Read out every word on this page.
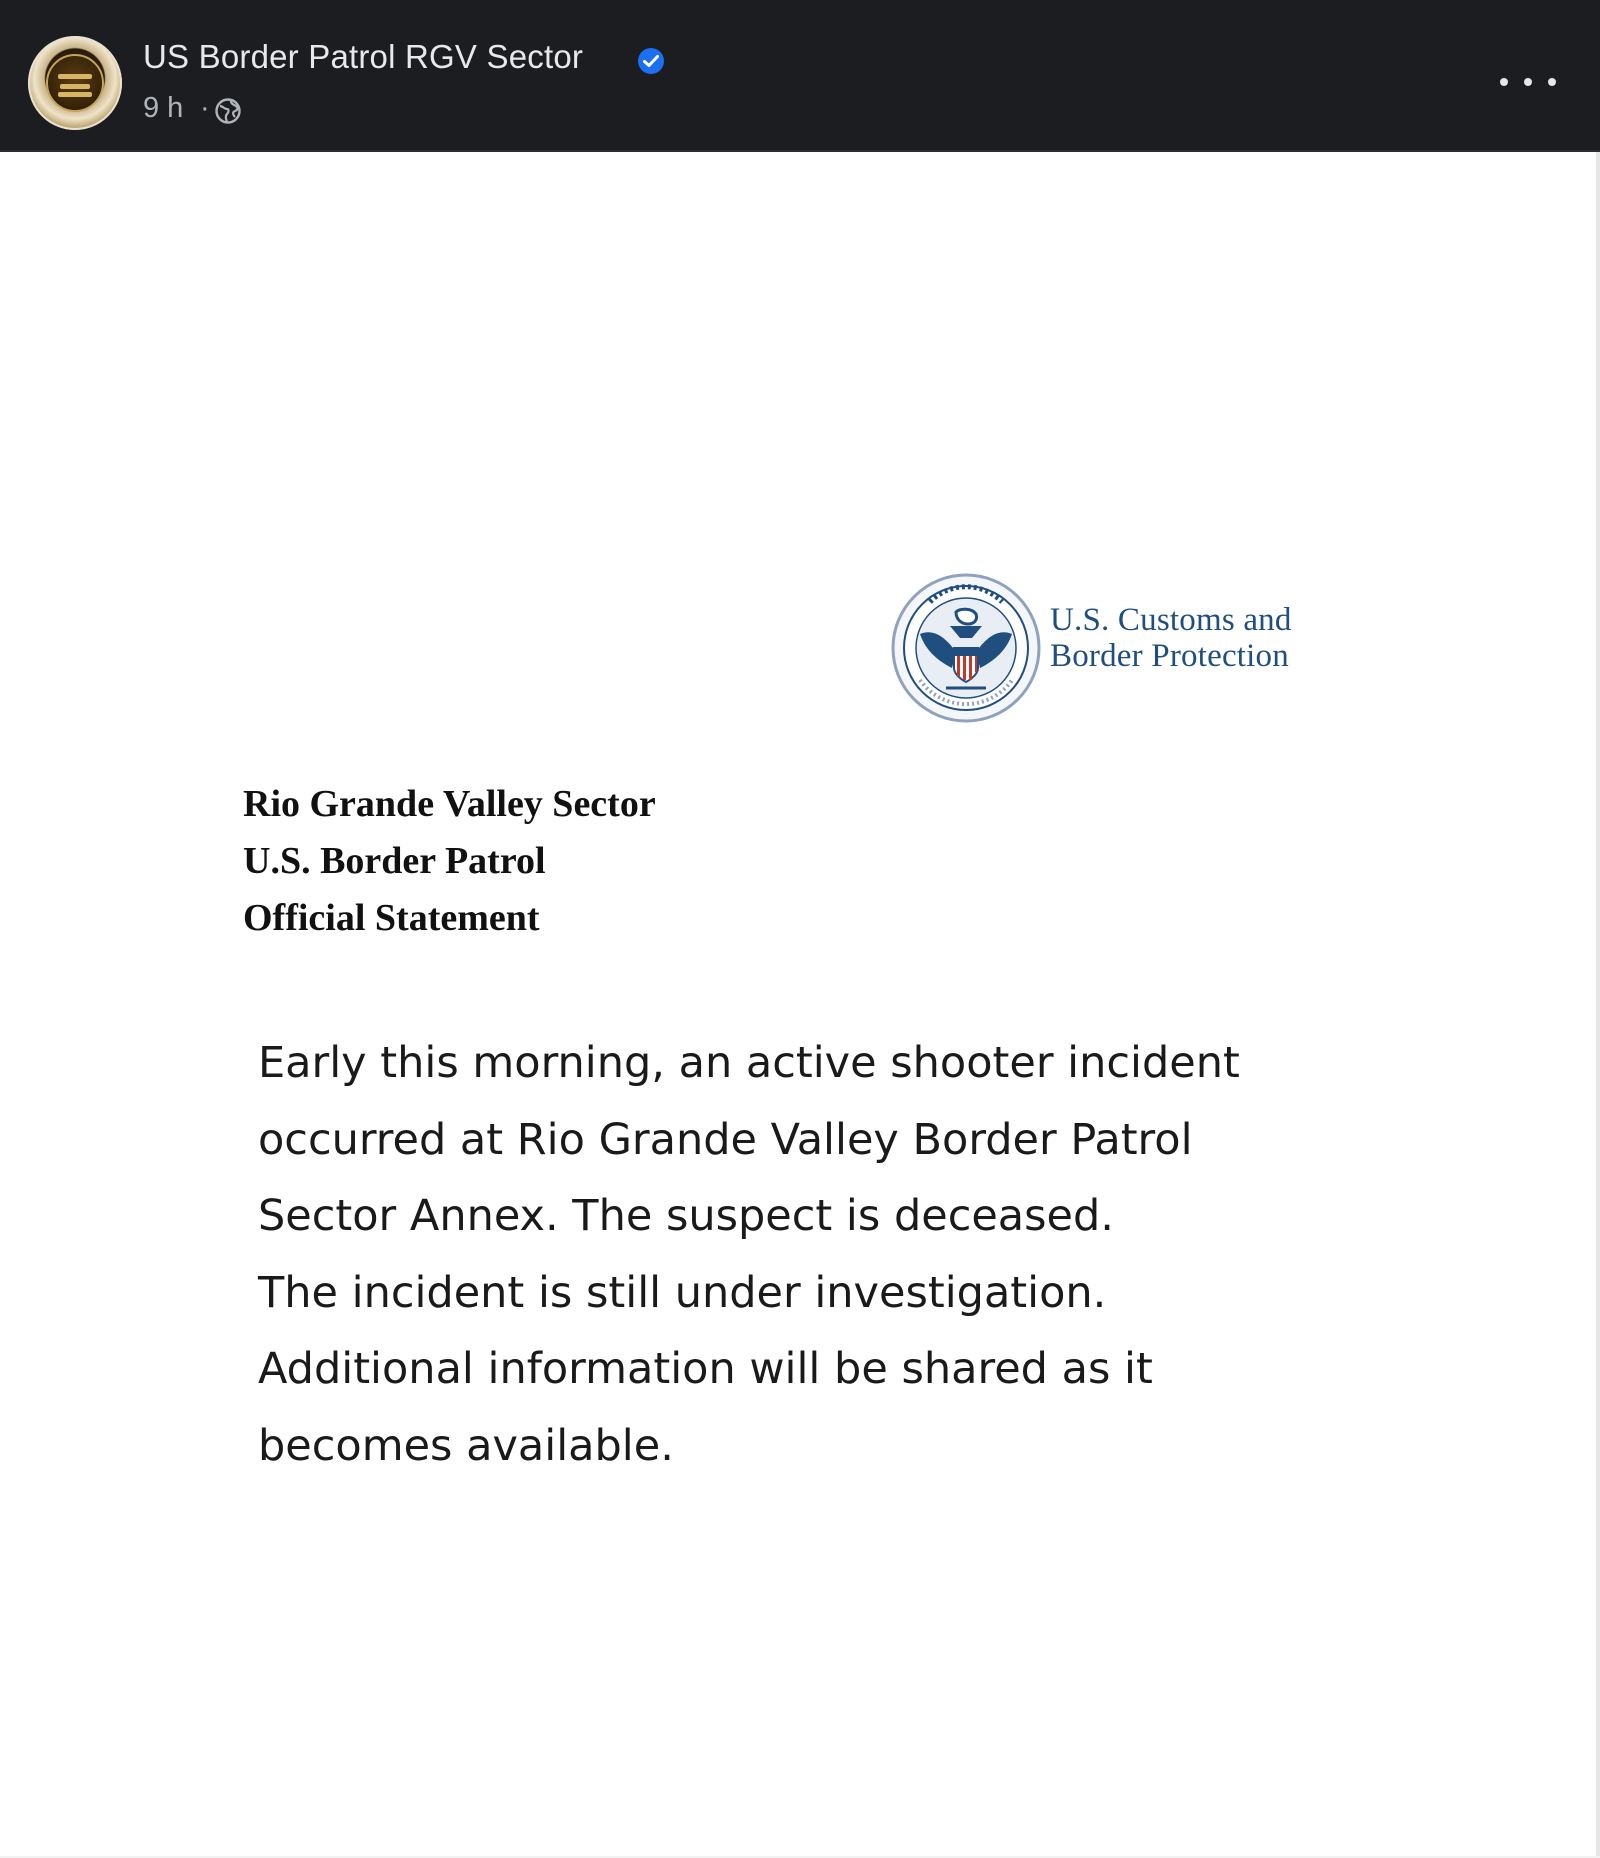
US Border Patrol RGV Sector
9 h ·
U.S. Customs and
Border Protection
Rio Grande Valley Sector
U.S. Border Patrol
Official Statement
Early this morning, an active shooter incident
occurred at Rio Grande Valley Border Patrol
Sector Annex. The suspect is deceased.
The incident is still under investigation.
Additional information will be shared as it
becomes available.
